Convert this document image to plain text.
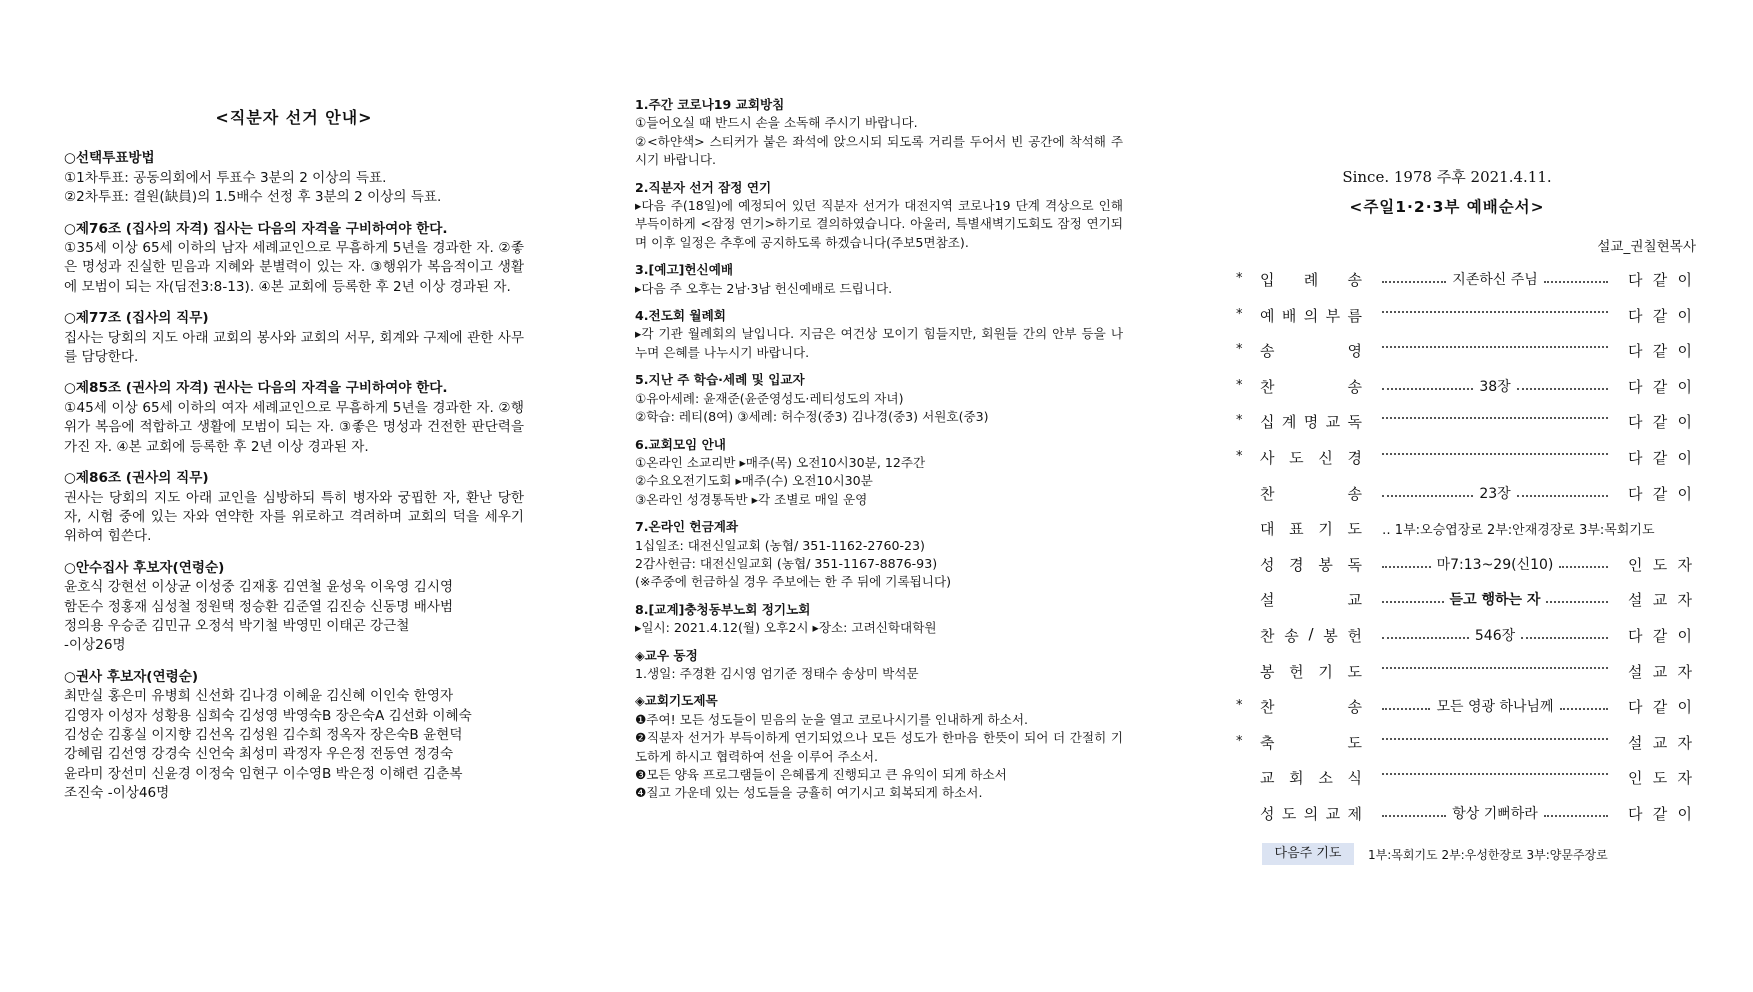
<직분자 선거 안내>
○선택투표방법

①1차투표: 공동의회에서 투표수 3분의 2 이상의 득표.

②2차투표: 결원(缺員)의 1.5배수 선정 후 3분의 2 이상의 득표.

○제76조 (집사의 자격) 집사는 다음의 자격을 구비하여야 한다.

①35세 이상 65세 이하의 남자 세례교인으로 무흠하게 5년을 경과한 자. ②좋은 명성과 진실한 믿음과 지혜와 분별력이 있는 자. ③행위가 복음적이고 생활에 모범이 되는 자(딤전3:8-13). ④본 교회에 등록한 후 2년 이상 경과된 자.

○제77조 (집사의 직무)

집사는 당회의 지도 아래 교회의 봉사와 교회의 서무, 회계와 구제에 관한 사무를 담당한다.

○제85조 (권사의 자격) 권사는 다음의 자격을 구비하여야 한다.

①45세 이상 65세 이하의 여자 세례교인으로 무흠하게 5년을 경과한 자. ②행위가 복음에 적합하고 생활에 모범이 되는 자. ③좋은 명성과 건전한 판단력을 가진 자. ④본 교회에 등록한 후 2년 이상 경과된 자.

○제86조 (권사의 직무)

권사는 당회의 지도 아래 교인을 심방하되 특히 병자와 궁핍한 자, 환난 당한 자, 시험 중에 있는 자와 연약한 자를 위로하고 격려하며 교회의 덕을 세우기 위하여 힘쓴다.

○안수집사 후보자(연령순)

윤호식 강현선 이상균 이성중 김재홍 김연철 윤성욱 이욱영 김시영

함돈수 정홍재 심성철 정원택 정승환 김준열 김진승 신동명 배사범

정의용 우승준 김민규 오정석 박기철 박영민 이태곤 강근철

-이상26명

○권사 후보자(연령순)

최만실 홍은미 유병희 신선화 김나경 이혜윤 김신혜 이인숙 한영자

김영자 이성자 성황용 심희숙 김성영 박영숙B 장은숙A 김선화 이혜숙

김성순 김홍실 이지향 김선옥 김성원 김수희 정옥자 장은숙B 윤현덕

강혜림 김선영 강경숙 신언숙 최성미 곽정자 우은정 전동연 정경숙

윤라미 장선미 신윤경 이정숙 임현구 이수영B 박은정 이해련 김춘복

조진숙 -이상46명

1.주간 코로나19 교회방침

①들어오실 때 반드시 손을 소독해 주시기 바랍니다.

②<하얀색> 스티커가 붙은 좌석에 앉으시되 되도록 거리를 두어서 빈 공간에 착석해 주시기 바랍니다.

2.직분자 선거 잠정 연기

▸다음 주(18일)에 예정되어 있던 직분자 선거가 대전지역 코로나19 단계 격상으로 인해 부득이하게 <잠정 연기>하기로 결의하였습니다. 아울러, 특별새벽기도회도 잠정 연기되며 이후 일정은 추후에 공지하도록 하겠습니다(주보5면참조).

3.[예고]헌신예배

▸다음 주 오후는 2남·3남 헌신예배로 드립니다.

4.전도회 월례회

▸각 기관 월례회의 날입니다. 지금은 여건상 모이기 힘들지만, 회원들 간의 안부 등을 나누며 은혜를 나누시기 바랍니다.

5.지난 주 학습·세례 및 입교자

①유아세례: 윤재준(윤준영성도·레티성도의 자녀)

②학습: 레티(8여) ③세례: 허수정(중3) 김나경(중3) 서원호(중3)

6.교회모임 안내

①온라인 소교리반 ▸매주(목) 오전10시30분, 12주간

②수요오전기도회 ▸매주(수) 오전10시30분

③온라인 성경통독반 ▸각 조별로 매일 운영

7.온라인 헌금계좌

1십일조: 대전신일교회 (농협/ 351-1162-2760-23)

2감사헌금: 대전신일교회 (농협/ 351-1167-8876-93)

(※주중에 헌금하실 경우 주보에는 한 주 뒤에 기록됩니다)

8.[교계]충청동부노회 정기노회

▸일시: 2021.4.12(월) 오후2시 ▸장소: 고려신학대학원

◈교우 동정

1.생일: 주경환 김시영 엄기준 정태수 송상미 박석문

◈교회기도제목

❶주여! 모든 성도들이 믿음의 눈을 열고 코로나시기를 인내하게 하소서.

❷직분자 선거가 부득이하게 연기되었으나 모든 성도가 한마음 한뜻이 되어 더 간절히 기도하게 하시고 협력하여 선을 이루어 주소서.

❸모든 양육 프로그램들이 은혜롭게 진행되고 큰 유익이 되게 하소서

❹질고 가운데 있는 성도들을 긍휼히 여기시고 회복되게 하소서.

Since. 1978 주후 2021.4.11.
<주일1·2·3부 예배순서>
설교_권칠현목사
* 입 례 송	지존하신 주님	다 같 이
* 예 배 의 부 름	다 같 이
* 송	영	다 같 이
* 찬	송	38장	다 같 이
* 십 계 명 교 독	다 같 이
* 사 도 신 경	다 같 이
찬	송	23장	다 같 이
대 표 기 도 ‥ 1부:오승엽장로 2부:안재경장로 3부:목회기도
성 경 봉 독	마7:13~29(신10)	인 도 자
설	교	듣고 행하는 자	설 교 자
찬 송 / 봉 헌	546장	다 같 이
봉 헌 기 도	설 교 자
* 찬	송	모든 영광 하나님께	다 같 이
* 축	도	설 교 자
교 회 소 식	인 도 자
성 도 의 교 제	항상 기뻐하라	다 같 이
다음주 기도	1부:목회기도 2부:우성한장로 3부:양문주장로
